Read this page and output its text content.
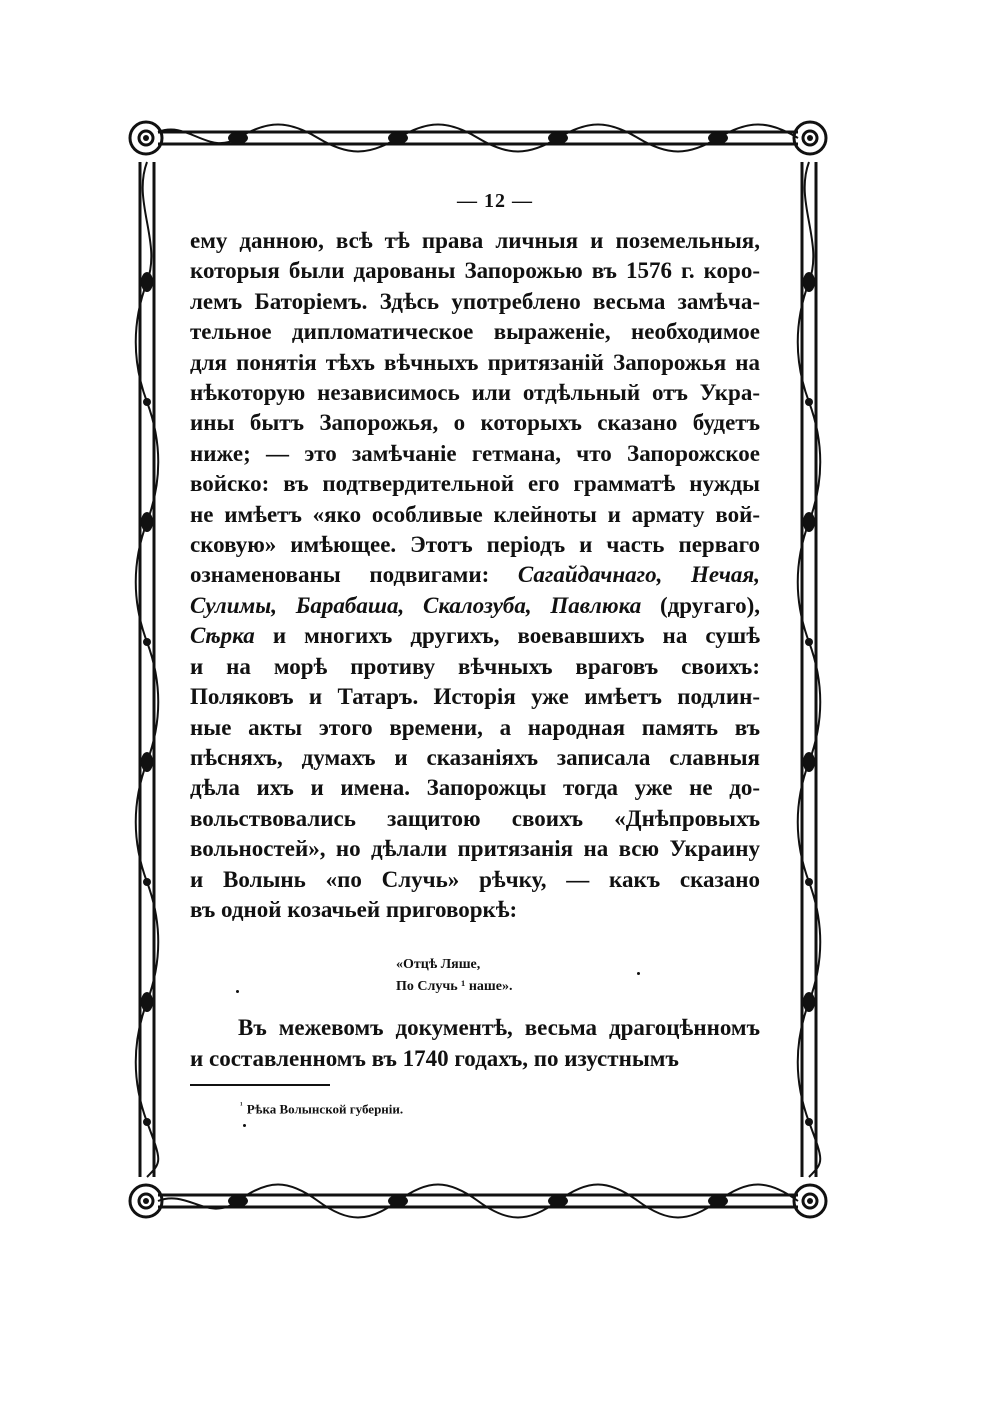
— 12 —
ему данною, всѣ тѣ права личныя и поземельныя,
которыя были дарованы Запорожью въ 1576 г. коро-
лемъ Баторіемъ. Здѣсь употреблено весьма замѣча-
тельное дипломатическое выраженіе, необходимое
для понятія тѣхъ вѣчныхъ притязаній Запорожья на
нѣкоторую независимось или отдѣльный отъ Укра-
ины бытъ Запорожья, о которыхъ сказано будетъ
ниже; — это замѣчаніе гетмана, что Запорожское
войско: въ подтвердительной его грамматѣ нужды
не имѣетъ «яко особливые клейноты и армату вой-
сковую» имѣющее. Этотъ періодъ и часть перваго
ознаменованы подвигами: Сагайдачнаго, Нечая,
Сулимы, Барабаша, Скалозуба, Павлюка (другаго),
Сѣрка и многихъ другихъ, воевавшихъ на сушѣ
и на морѣ противу вѣчныхъ враговъ своихъ:
Поляковъ и Татаръ. Исторія уже имѣетъ подлин-
ные акты этого времени, а народная память въ
пѣсняхъ, думахъ и сказаніяхъ записала славныя
дѣла ихъ и имена. Запорожцы тогда уже не до-
вольствовались защитою своихъ «Днѣпровыхъ
вольностей», но дѣлали притязанія на всю Украину
и Волынь «по Случь» рѣчку, — какъ сказано
въ одной козачьей приговоркѣ:
«Отцѣ Ляше,
По Случь ¹ наше».
Въ межевомъ документѣ, весьма драгоцѣнномъ
и составленномъ въ 1740 годахъ, по изустнымъ
$^{^1}$ Рѣка Волынской губерніи.
